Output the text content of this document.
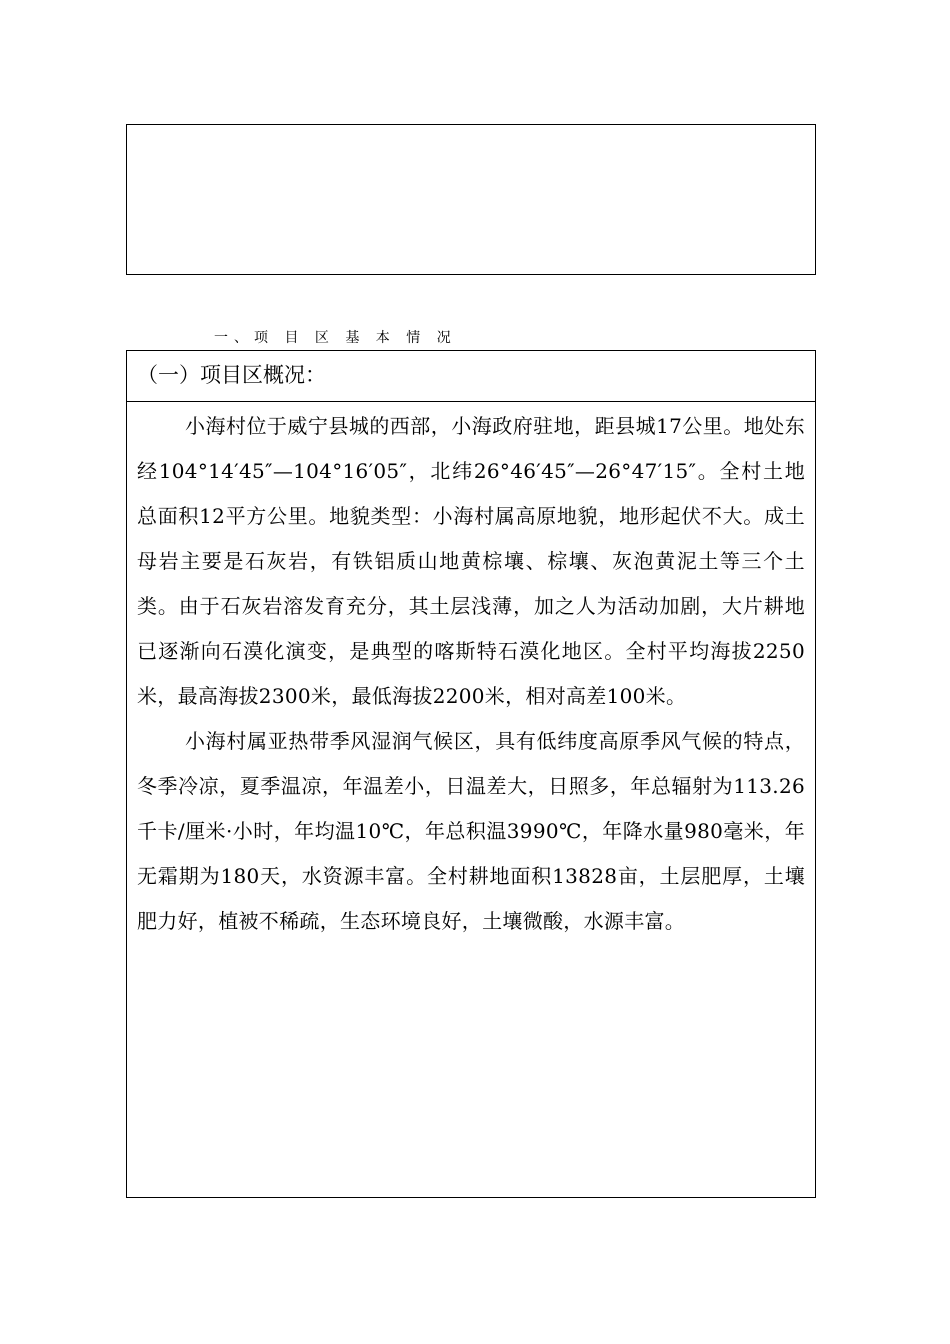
一、项 目 区 基 本 情 况
（一）项目区概况：

小海村位于威宁县城的西部，小海政府驻地，距县城17公里。地处东经104°14′45″—104°16′05″，北纬26°46′45″—26°47′15″。全村土地总面积12平方公里。地貌类型：小海村属高原地貌，地形起伏不大。成土母岩主要是石灰岩，有铁铝质山地黄棕壤、棕壤、灰泡黄泥土等三个土类。由于石灰岩溶发育充分，其土层浅薄，加之人为活动加剧，大片耕地已逐渐向石漠化演变，是典型的喀斯特石漠化地区。全村平均海拔2250米，最高海拔2300米，最低海拔2200米，相对高差100米。

小海村属亚热带季风湿润气候区，具有低纬度高原季风气候的特点，冬季冷凉，夏季温凉，年温差小，日温差大，日照多，年总辐射为113.26千卡/厘米·小时，年均温10℃，年总积温3990℃，年降水量980毫米，年无霜期为180天，水资源丰富。全村耕地面积13828亩，土层肥厚，土壤肥力好，植被不稀疏，生态环境良好，土壤微酸，水源丰富。
